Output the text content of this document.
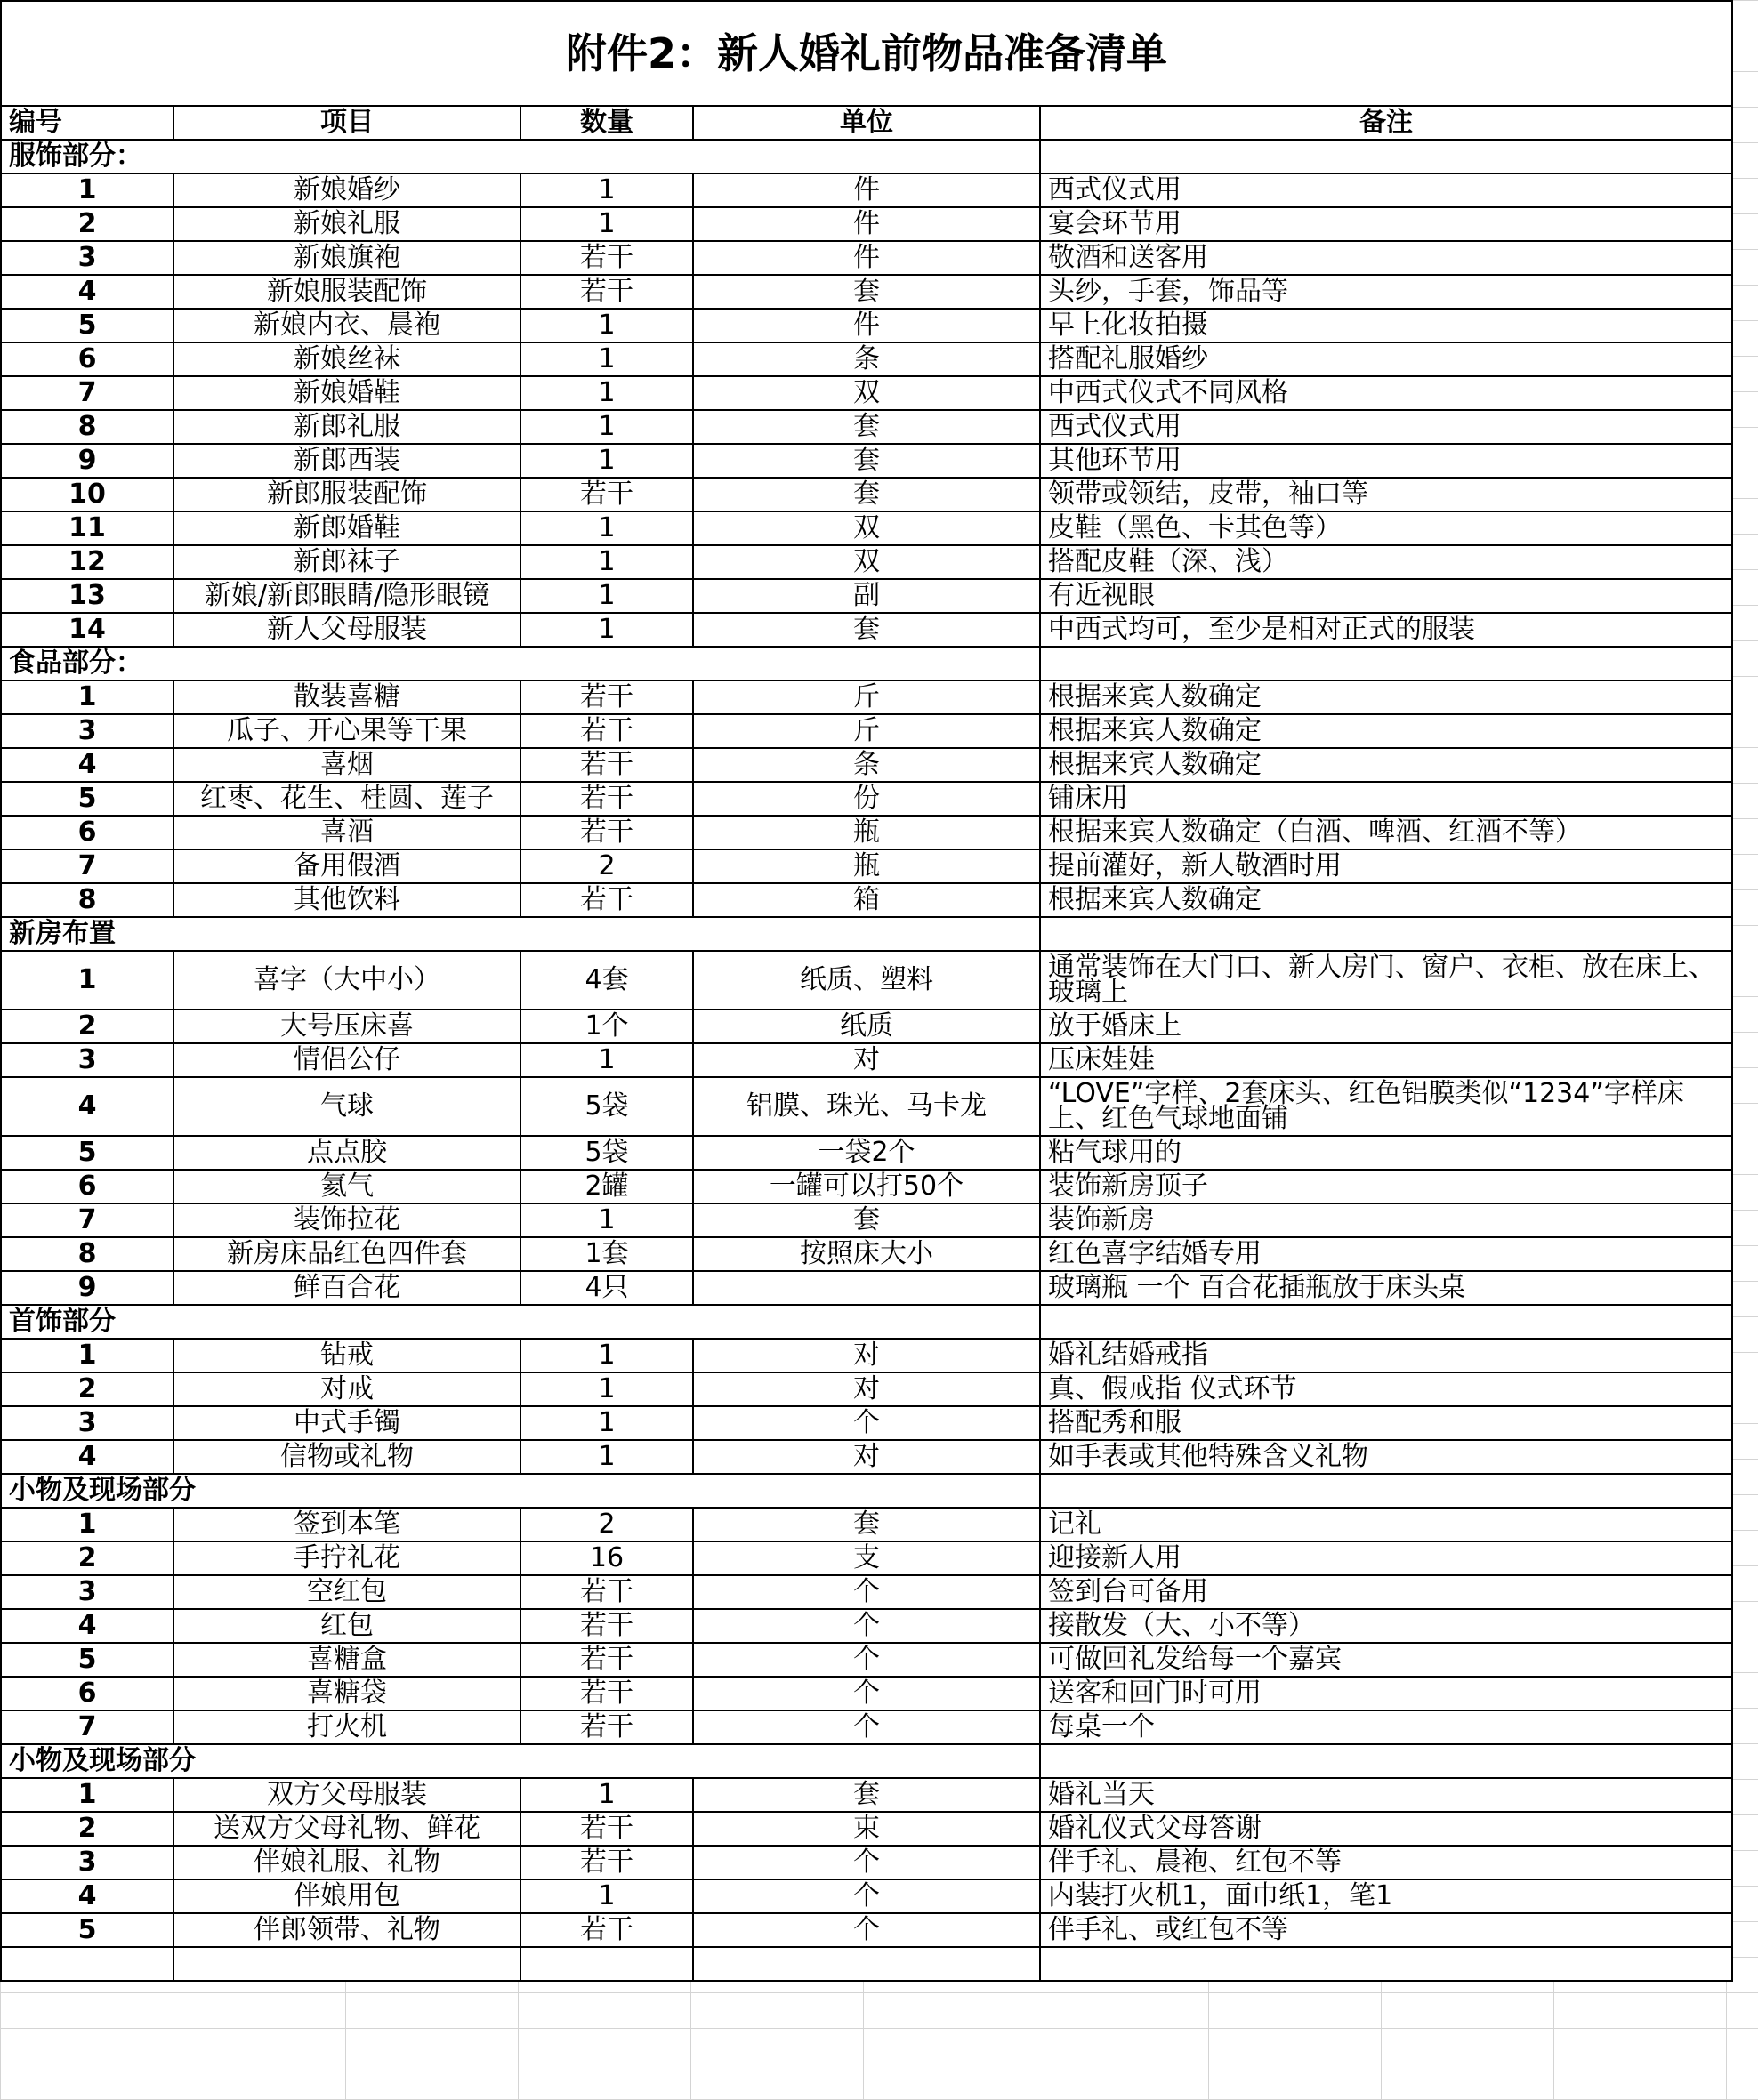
附件2：新人婚礼前物品准备清单				
编号	项目	数量	单位	备注
服饰部分：				
1	新娘婚纱	1	件	西式仪式用
2	新娘礼服	1	件	宴会环节用
3	新娘旗袍	若干	件	敬酒和送客用
4	新娘服装配饰	若干	套	头纱，手套，饰品等
5	新娘内衣、晨袍	1	件	早上化妆拍摄
6	新娘丝袜	1	条	搭配礼服婚纱
7	新娘婚鞋	1	双	中西式仪式不同风格
8	新郎礼服	1	套	西式仪式用
9	新郎西装	1	套	其他环节用
10	新郎服装配饰	若干	套	领带或领结，皮带，袖口等
11	新郎婚鞋	1	双	皮鞋（黑色、卡其色等）
12	新郎袜子	1	双	搭配皮鞋（深、浅）
13	新娘/新郎眼睛/隐形眼镜	1	副	有近视眼
14	新人父母服装	1	套	中西式均可，至少是相对正式的服装
食品部分：				
1	散装喜糖	若干	斤	根据来宾人数确定
3	瓜子、开心果等干果	若干	斤	根据来宾人数确定
4	喜烟	若干	条	根据来宾人数确定
5	红枣、花生、桂圆、莲子	若干	份	铺床用
6	喜酒	若干	瓶	根据来宾人数确定（白酒、啤酒、红酒不等）
7	备用假酒	2	瓶	提前灌好，新人敬酒时用
8	其他饮料	若干	箱	根据来宾人数确定
新房布置				
1	喜字（大中小）	4套	纸质、塑料	通常装饰在大门口、新人房门、窗户、衣柜、放在床上、玻璃上
2	大号压床喜	1个	纸质	放于婚床上
3	情侣公仔	1	对	压床娃娃
4	气球	5袋	铝膜、珠光、马卡龙	“LOVE”字样、2套床头、红色铝膜类似“1234”字样床上、红色气球地面铺
5	点点胶	5袋	一袋2个	粘气球用的
6	氦气	2罐	一罐可以打50个	装饰新房顶子
7	装饰拉花	1	套	装饰新房
8	新房床品红色四件套	1套	按照床大小	红色喜字结婚专用
9	鲜百合花	4只		玻璃瓶 一个 百合花插瓶放于床头桌
首饰部分				
1	钻戒	1	对	婚礼结婚戒指
2	对戒	1	对	真、假戒指 仪式环节
3	中式手镯	1	个	搭配秀和服
4	信物或礼物	1	对	如手表或其他特殊含义礼物
小物及现场部分				
1	签到本笔	2	套	记礼
2	手拧礼花	16	支	迎接新人用
3	空红包	若干	个	签到台可备用
4	红包	若干	个	接散发（大、小不等）
5	喜糖盒	若干	个	可做回礼发给每一个嘉宾
6	喜糖袋	若干	个	送客和回门时可用
7	打火机	若干	个	每桌一个
小物及现场部分				
1	双方父母服装	1	套	婚礼当天
2	送双方父母礼物、鲜花	若干	束	婚礼仪式父母答谢
3	伴娘礼服、礼物	若干	个	伴手礼、晨袍、红包不等
4	伴娘用包	1	个	内装打火机1，面巾纸1，笔1
5	伴郎领带、礼物	若干	个	伴手礼、或红包不等
